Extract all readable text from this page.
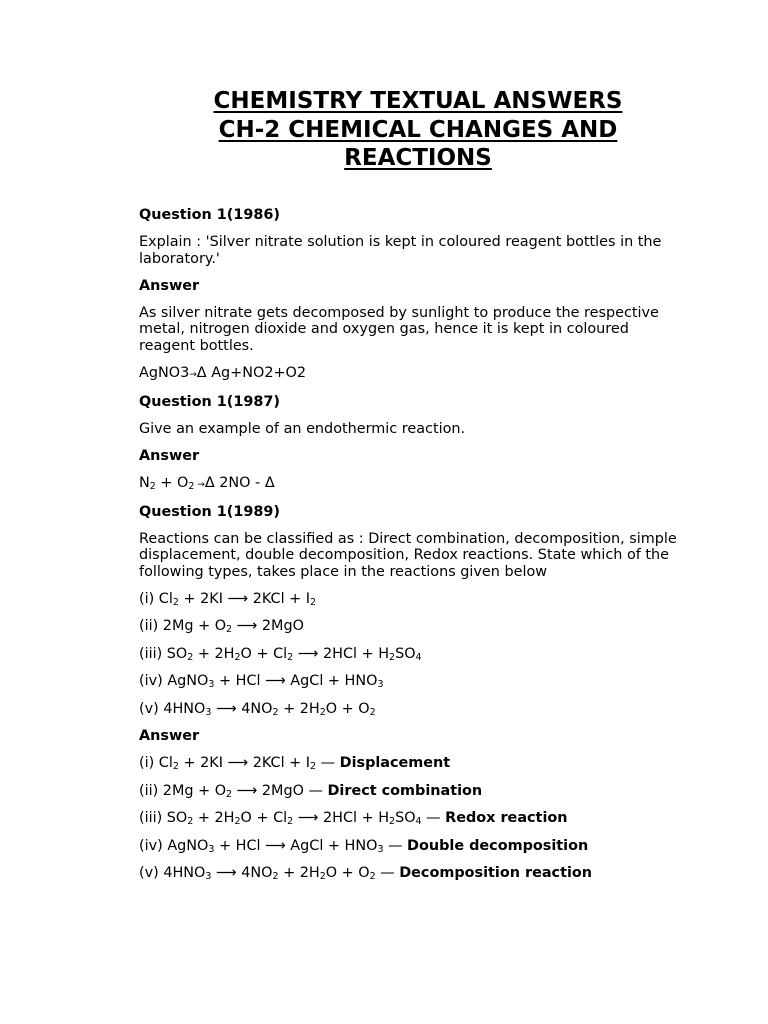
CHEMISTRY TEXTUAL ANSWERS
CH-2 CHEMICAL CHANGES AND
REACTIONS

Question 1(1986)

Explain : 'Silver nitrate solution is kept in coloured reagent bottles in the laboratory.'

Answer

As silver nitrate gets decomposed by sunlight to produce the respective metal, nitrogen dioxide and oxygen gas, hence it is kept in coloured reagent bottles.

AgNO3→Δ Ag+NO2+O2

Question 1(1987)

Give an example of an endothermic reaction.

Answer

$N_2 + O_2 \to\Delta$ 2NO - Δ

Question 1(1989)

Reactions can be classified as : Direct combination, decomposition, simple displacement, double decomposition, Redox reactions. State which of the following types, takes place in the reactions given below

(i) $Cl_2 + 2KI$ ⟶ $2KCl + I_2$

(ii) $2Mg + O_2$ ⟶ 2MgO

(iii) $SO_2 + 2H_2O + Cl_2$ ⟶ $2HCl + H_2SO_4$

(iv) AgNO$_3$ + HCl ⟶ AgCl + $HNO_3$

(v) $4HNO_3$ ⟶ $4NO_2 + 2H_2O + O_2$

Answer

(i) $Cl_2 + 2KI$ ⟶ $2KCl + I_2$ — Displacement

(ii) $2Mg + O_2$ ⟶ 2MgO — Direct combination

(iii) $SO_2 + 2H_2O + Cl_2$ ⟶ $2HCl + H_2SO_4$ — Redox reaction

(iv) AgNO$_3$ + HCl ⟶ AgCl + $HNO_3$ — Double decomposition

(v) $4HNO_3$ ⟶ $4NO_2 + 2H_2O + O_2$ — Decomposition reaction
